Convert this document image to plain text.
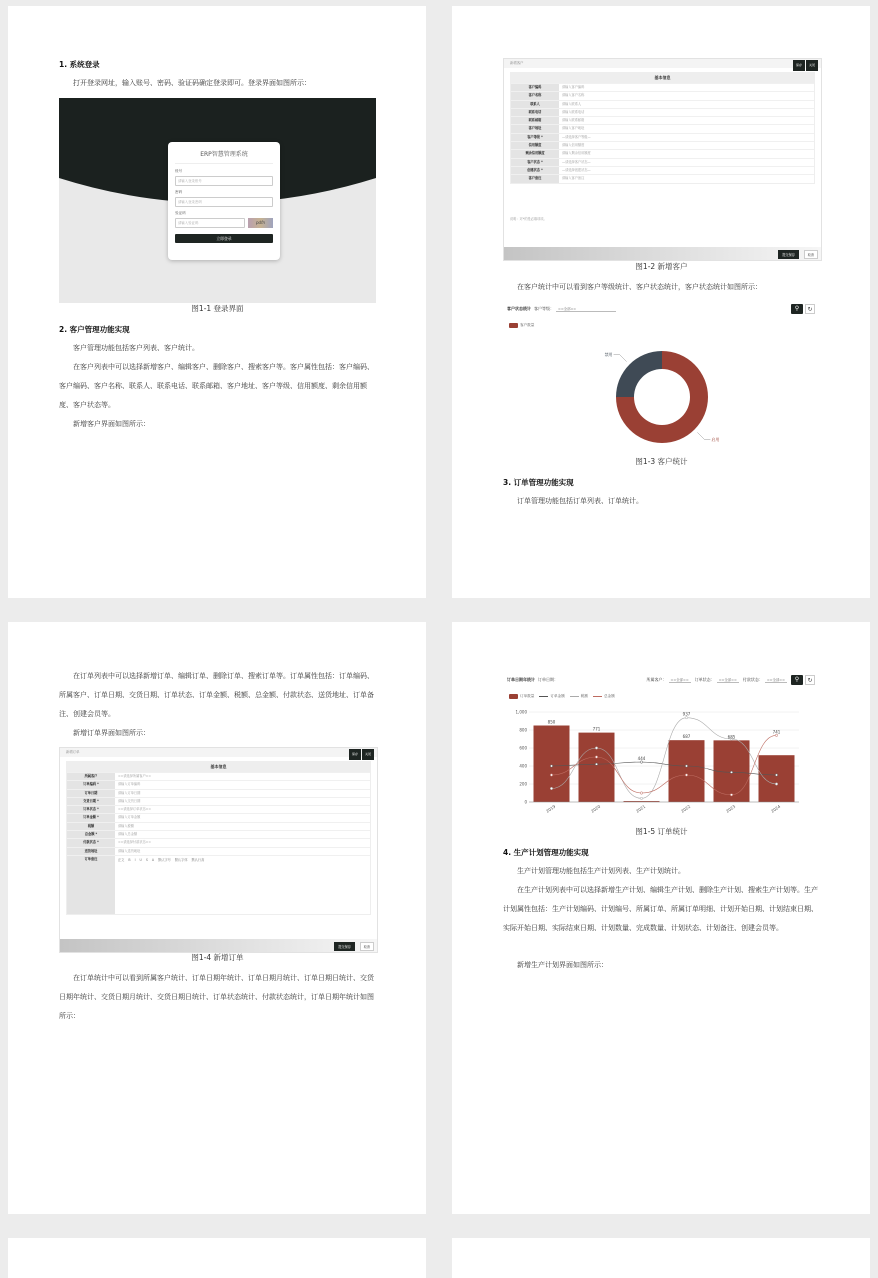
1. 系统登录
打开登录网址，输入账号、密码、验证码确定登录即可。登录界面如图所示：
ERP智慧管理系统
账号
请输入登录账号
密码
请输入登录密码
验证码
请输入验证码	pdfn
立即登录
图1-1 登录界面
2. 客户管理功能实现
客户管理功能包括客户列表、客户统计。
在客户列表中可以选择新增客户、编辑客户、删除客户、搜索客户等。客户属性包括：客户编码、客户编码、客户名称、联系人、联系电话、联系邮箱、客户地址、客户等级、信用额度、剩余信用额度、客户状态等。
新增客户界面如图所示：
新增客户	保存 关闭
基本信息
客户编码	请输入客户编码
客户名称	请输入客户名称
联系人	请输入联系人
联系电话	请输入联系电话
联系邮箱	请输入联系邮箱
客户地址	请输入客户地址
客户等级 *	—请选择客户等级—
信用额度	请输入信用额度
剩余信用额度	请输入剩余信用额度
客户状态 *	—请选择客户状态—
创建状态 *	—请选择创建状态—
客户备注	请输入客户备注
说明：对*的是必填项项。
提交保存	取消
图1-2 新增客户
在客户统计中可以看到客户等级统计、客户状态统计，客户状态统计如图所示：
客户状态统计 客户等级：	==全部==	⚲	↻
客户数量
禁用
启用
图1-3 客户统计
3. 订单管理功能实现
订单管理功能包括订单列表、订单统计。
在订单列表中可以选择新增订单、编辑订单、删除订单、搜索订单等。订单属性包括：订单编码、所属客户、订单日期、交货日期、订单状态、订单金额、税额、总金额、付款状态、送货地址、订单备注、创建会员等。
新增订单界面如图所示：
新增订单	保存 关闭
基本信息
所属客户	==请选择所属客户==
订单编码 *	请输入订单编码
订单日期	请输入订单日期
交货日期 *	请输入交货日期
订单状态 *	==请选择订单状态==
订单金额 *	请输入订单金额
税额	请输入税额
总金额 *	请输入总金额
付款状态 *	==请选择付款状态==
送货地址	请输入送货地址
订单备注	正文 B I U S A 默认字号 默认字体 默认行高
提交保存	取消
图1-4 新增订单
在订单统计中可以看到所属客户统计、订单日期年统计、订单日期月统计、订单日期日统计、交货日期年统计、交货日期月统计、交货日期日统计、订单状态统计、付款状态统计，订单日期年统计如图所示：
订单日期年统计 订单日期：	所属客户：	==全部==	订单状态：	==全部==	付款状态：	==全部==	⚲	↻
订单数量	订单金额	税额	总金额
0
200
400
600
800
1,000
850
771
444
687	685
741
937
2019	2020	2021	2022	2023	2024
图1-5 订单统计
4. 生产计划管理功能实现
生产计划管理功能包括生产计划列表、生产计划统计。
在生产计划列表中可以选择新增生产计划、编辑生产计划、删除生产计划、搜索生产计划等。生产计划属性包括：生产计划编码、计划编号、所属订单、所属订单明细、计划开始日期、计划结束日期、实际开始日期、实际结束日期、计划数量、完成数量、计划状态、计划备注、创建会员等。
新增生产计划界面如图所示：
